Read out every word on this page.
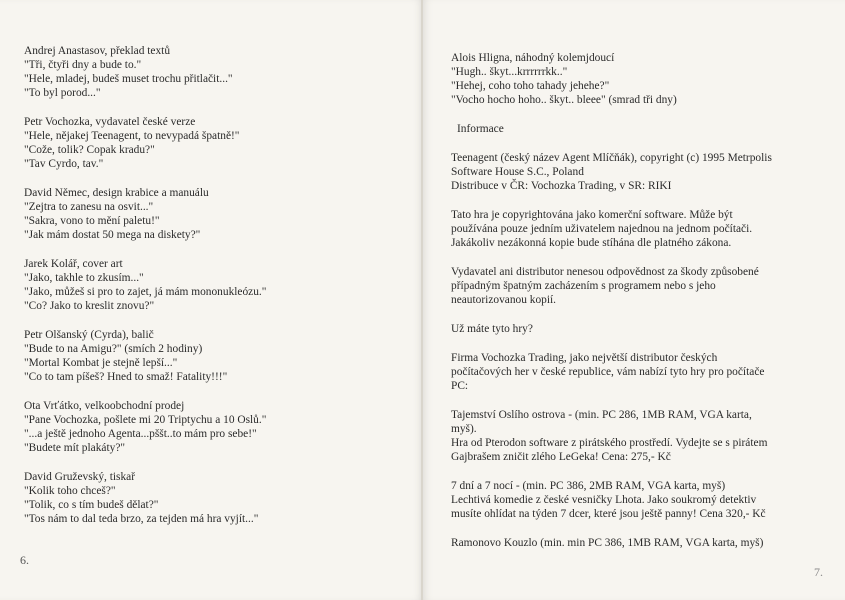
Andrej Anastasov, překlad textů
"Tři, čtyři dny a bude to."
"Hele, mladej, budeš muset trochu přitlačit..."
"To byl porod..."
Petr Vochozka, vydavatel české verze
"Hele, nějakej Teenagent, to nevypadá špatně!"
"Cože, tolik? Copak kradu?"
"Tav Cyrdo, tav."
David Němec, design krabice a manuálu
"Zejtra to zanesu na osvit..."
"Sakra, vono to mění paletu!"
"Jak mám dostat 50 mega na diskety?"
Jarek Kolář, cover art
"Jako, takhle to zkusím..."
"Jako, můžeš si pro to zajet, já mám mononukleózu."
"Co? Jako to kreslit znovu?"
Petr Olšanský (Cyrda), balič
"Bude to na Amigu?" (smích 2 hodiny)
"Mortal Kombat je stejně lepší..."
"Co to tam píšeš? Hned to smaž! Fatality!!!"
Ota Vrťátko, velkoobchodní prodej
"Pane Vochozka, pošlete mi 20 Triptychu a 10 Oslů."
"...a ještě jednoho Agenta...pššt..to mám pro sebe!"
"Budete mít plakáty?"
David Gruževský, tiskař
"Kolik toho chceš?"
"Tolik, co s tím budeš dělat?"
"Tos nám to dal teda brzo, za tejden má hra vyjít..."
6.
Alois Hligna, náhodný kolemjdoucí
"Hugh.. škyt...krrrrrrkk.."
"Hehej, coho toho tahady jehehe?"
"Vocho hocho hoho.. škyt.. bleee" (smrad tři dny)
Informace
Teenagent (český název Agent Mlíčňák), copyright (c) 1995 Metrpolis
Software House S.C., Poland
Distribuce v ČR: Vochozka Trading, v SR: RIKI
Tato hra je copyrightována jako komerční software. Může být
používána pouze jedním uživatelem najednou na jednom počítači.
Jakákoliv nezákonná kopie bude stíhána dle platného zákona.
Vydavatel ani distributor nenesou odpovědnost za škody způsobené
případným špatným zacházením s programem nebo s jeho
neautorizovanou kopií.
Už máte tyto hry?
Firma Vochozka Trading, jako největší distributor českých
počítačových her v české republice, vám nabízí tyto hry pro počítače
PC:
Tajemství Oslího ostrova - (min. PC 286, 1MB RAM, VGA karta,
myš).
Hra od Pterodon software z pirátského prostředí. Vydejte se s pirátem
Gajbrašem zničit zlého LeGeka! Cena: 275,- Kč
7 dní a 7 nocí - (min. PC 386, 2MB RAM, VGA karta, myš)
Lechtivá komedie z české vesničky Lhota. Jako soukromý detektiv
musíte ohlídat na týden 7 dcer, které jsou ještě panny! Cena 320,- Kč
Ramonovo Kouzlo (min. min PC 386, 1MB RAM, VGA karta, myš)
7.
